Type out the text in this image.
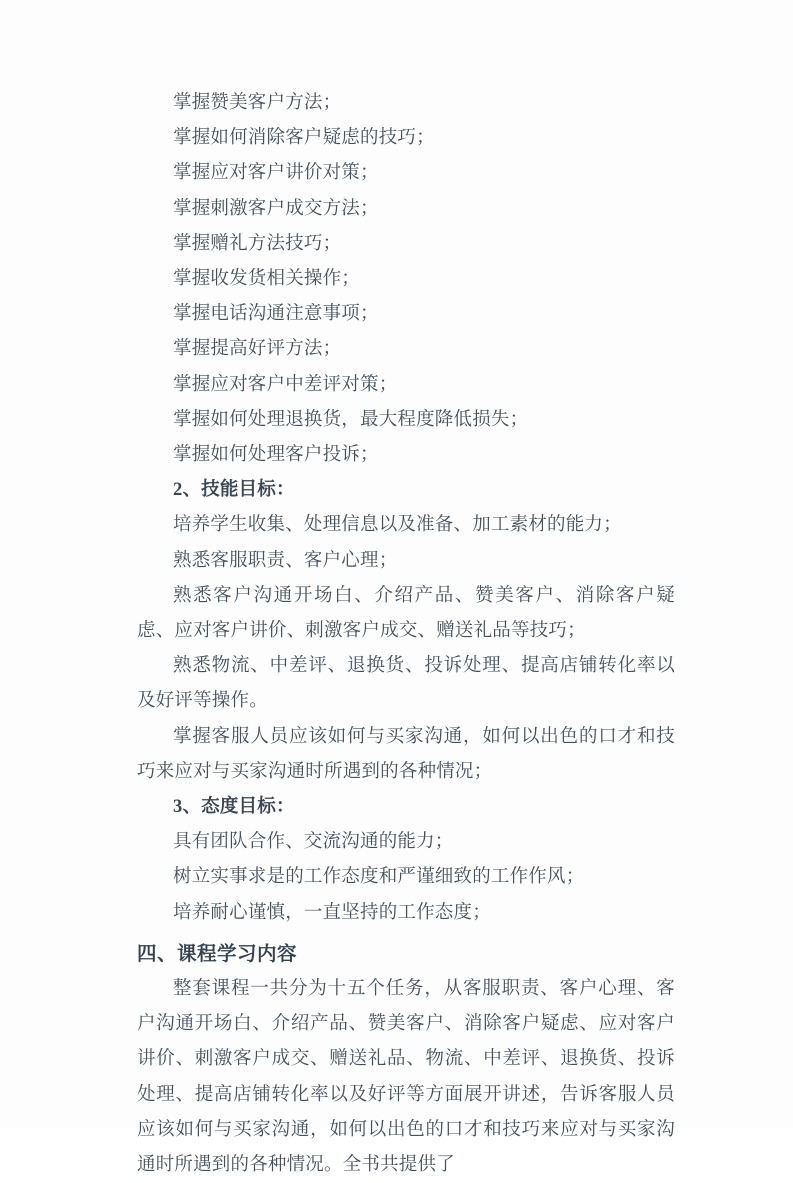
掌握赞美客户方法；

掌握如何消除客户疑虑的技巧；

掌握应对客户讲价对策；

掌握刺激客户成交方法；

掌握赠礼方法技巧；

掌握收发货相关操作；

掌握电话沟通注意事项；

掌握提高好评方法；

掌握应对客户中差评对策；

掌握如何处理退换货，最大程度降低损失；

掌握如何处理客户投诉；

2、技能目标：

培养学生收集、处理信息以及准备、加工素材的能力；

熟悉客服职责、客户心理；

熟悉客户沟通开场白、介绍产品、赞美客户、消除客户疑虑、应对客户讲价、刺激客户成交、赠送礼品等技巧；

熟悉物流、中差评、退换货、投诉处理、提高店铺转化率以及好评等操作。

掌握客服人员应该如何与买家沟通，如何以出色的口才和技巧来应对与买家沟通时所遇到的各种情况；

3、态度目标：

具有团队合作、交流沟通的能力；

树立实事求是的工作态度和严谨细致的工作作风；

培养耐心谨慎，一直坚持的工作态度；

四、课程学习内容

整套课程一共分为十五个任务，从客服职责、客户心理、客户沟通开场白、介绍产品、赞美客户、消除客户疑虑、应对客户讲价、刺激客户成交、赠送礼品、物流、中差评、退换货、投诉处理、提高店铺转化率以及好评等方面展开讲述，告诉客服人员应该如何与买家沟通，如何以出色的口才和技巧来应对与买家沟通时所遇到的各种情况。全书共提供了
